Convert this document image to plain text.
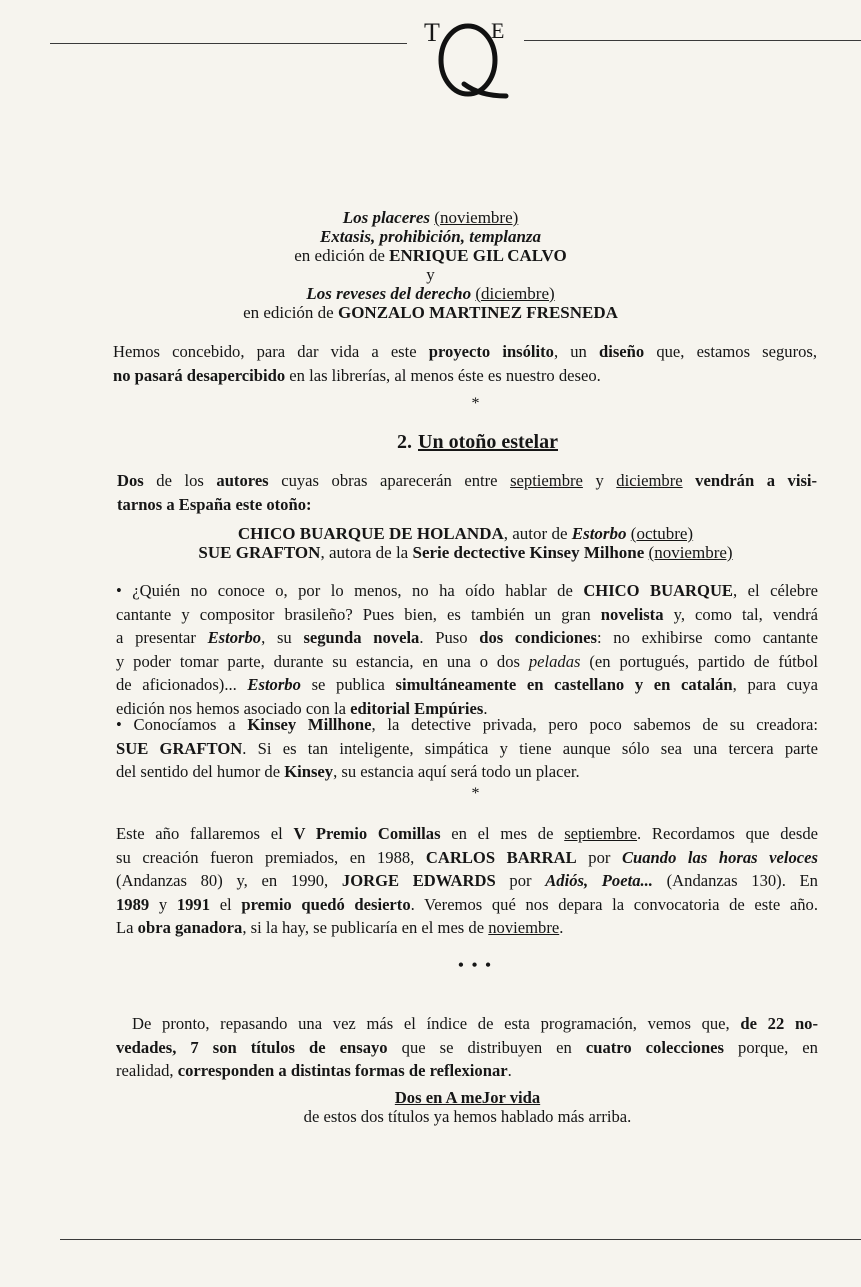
T E
Los placeres (noviembre)
Extasis, prohibición, templanza
en edición de ENRIQUE GIL CALVO
y
Los reveses del derecho (diciembre)
en edición de GONZALO MARTINEZ FRESNEDA
Hemos concebido, para dar vida a este proyecto insólito, un diseño que, estamos seguros,
no pasará desapercibido en las librerías, al menos éste es nuestro deseo.
*
2. Un otoño estelar
Dos de los autores cuyas obras aparecerán entre septiembre y diciembre vendrán a visi-
tarnos a España este otoño:
CHICO BUARQUE DE HOLANDA, autor de Estorbo (octubre)
SUE GRAFTON, autora de la Serie dectective Kinsey Milhone (noviembre)
• ¿Quién no conoce o, por lo menos, no ha oído hablar de CHICO BUARQUE, el célebre
cantante y compositor brasileño? Pues bien, es también un gran novelista y, como tal, vendrá
a presentar Estorbo, su segunda novela. Puso dos condiciones: no exhibirse como cantante
y poder tomar parte, durante su estancia, en una o dos peladas (en portugués, partido de fútbol
de aficionados)... Estorbo se publica simultáneamente en castellano y en catalán, para cuya
edición nos hemos asociado con la editorial Empúries.
• Conocíamos a Kinsey Millhone, la detective privada, pero poco sabemos de su creadora:
SUE GRAFTON. Si es tan inteligente, simpática y tiene aunque sólo sea una tercera parte
del sentido del humor de Kinsey, su estancia aquí será todo un placer.
*
Este año fallaremos el V Premio Comillas en el mes de septiembre. Recordamos que desde
su creación fueron premiados, en 1988, CARLOS BARRAL por Cuando las horas veloces
(Andanzas 80) y, en 1990, JORGE EDWARDS por Adiós, Poeta... (Andanzas 130). En
1989 y 1991 el premio quedó desierto. Veremos qué nos depara la convocatoria de este año.
La obra ganadora, si la hay, se publicaría en el mes de noviembre.
• • •
De pronto, repasando una vez más el índice de esta programación, vemos que, de 22 no-
vedades, 7 son títulos de ensayo que se distribuyen en cuatro colecciones porque, en
realidad, corresponden a distintas formas de reflexionar.
Dos en A meJor vida
de estos dos títulos ya hemos hablado más arriba.
